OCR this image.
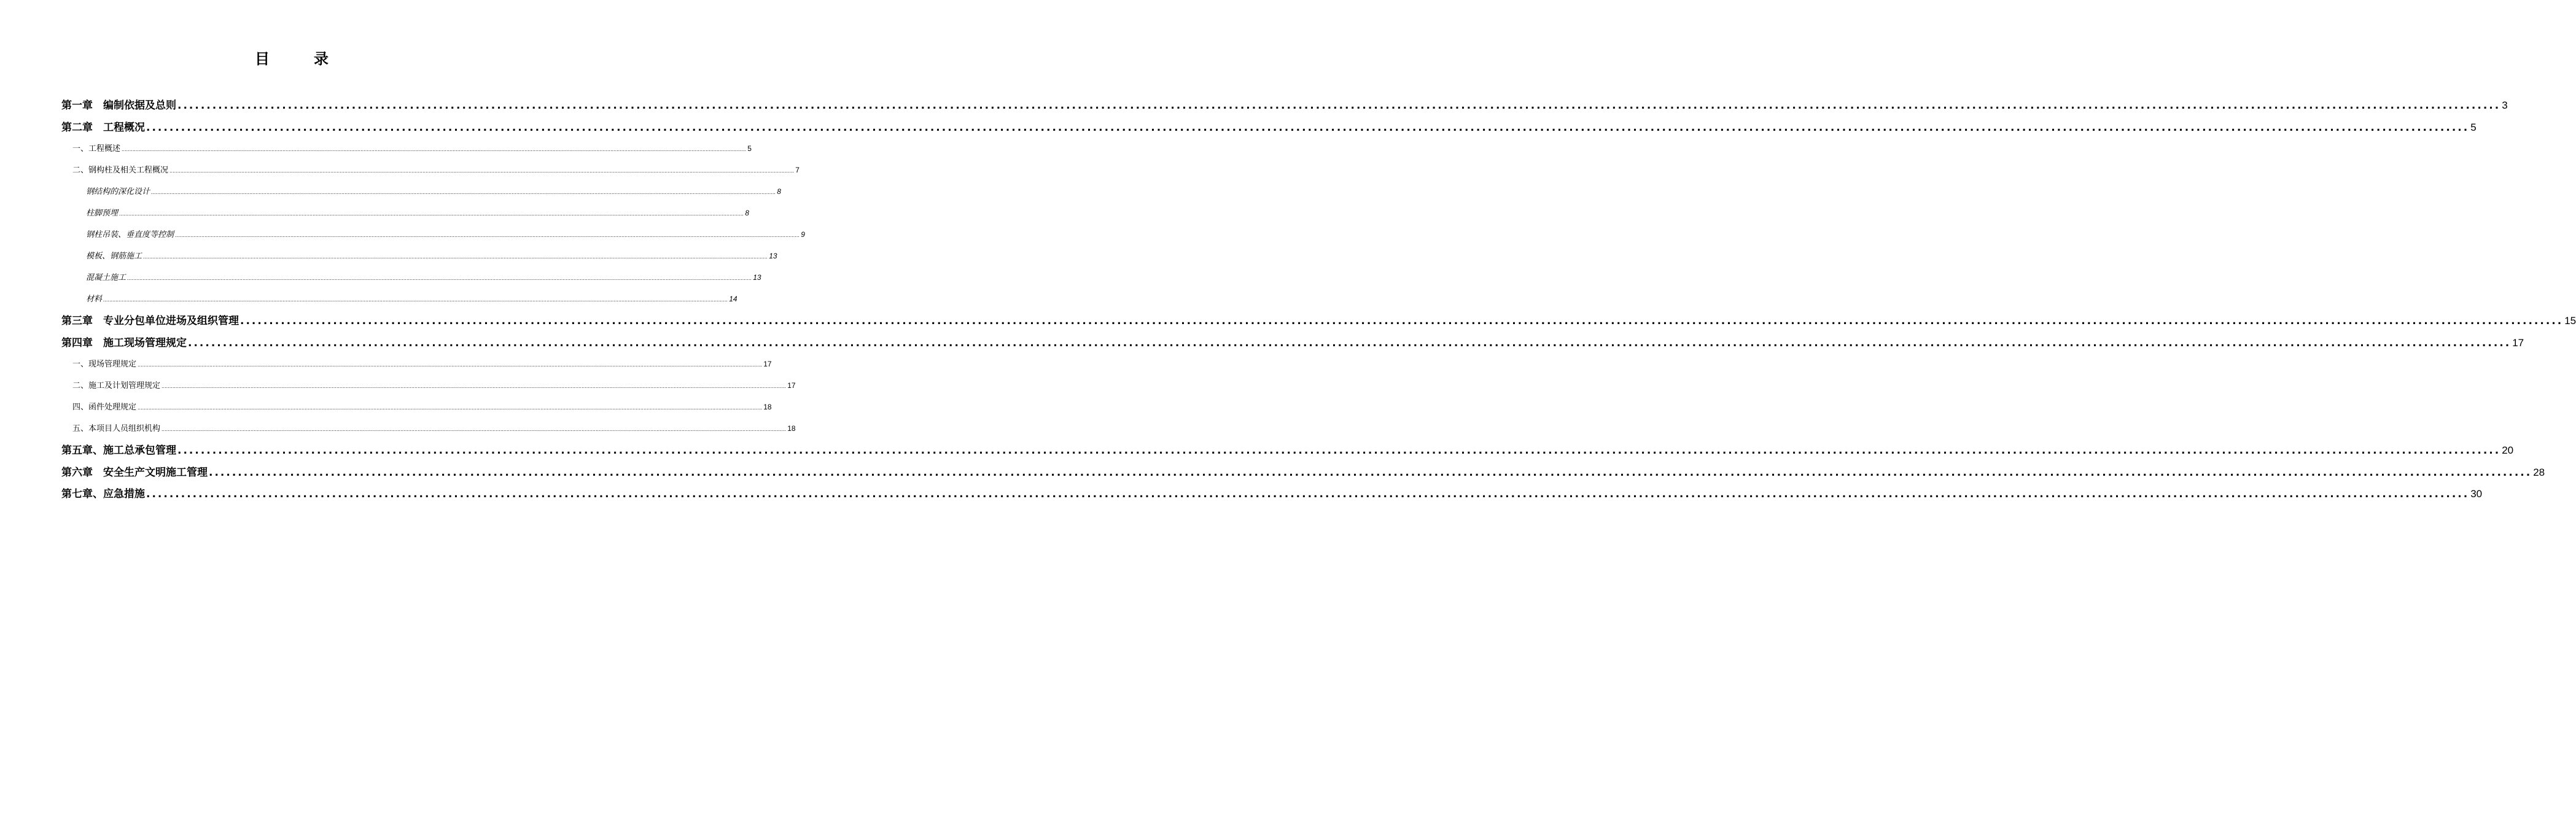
目　录
第一章　编制依据及总则 ................................................................................................................................................................................................................................................................................................................................................................................................................ 3
第二章　工程概况 ................................................................................................................................................................................................................................................................................................................................................................................................................ 5
一、工程概述 ................................................................................................................................................................................................................................................................................................................................................................................................................ 5
二、钢构柱及相关工程概况 ................................................................................................................................................................................................................................................................................................................................................................................................................ 7
钢结构的深化设计 ................................................................................................................................................................................................................................................................................................................................................................................................................ 8
柱脚预埋 ................................................................................................................................................................................................................................................................................................................................................................................................................ 8
钢柱吊装、垂直度等控制 ................................................................................................................................................................................................................................................................................................................................................................................................................ 9
模板、钢筋施工 ................................................................................................................................................................................................................................................................................................................................................................................................................ 13
混凝土施工 ................................................................................................................................................................................................................................................................................................................................................................................................................ 13
材料 ................................................................................................................................................................................................................................................................................................................................................................................................................ 14
第三章　专业分包单位进场及组织管理 ................................................................................................................................................................................................................................................................................................................................................................................................................ 15
第四章　施工现场管理规定 ................................................................................................................................................................................................................................................................................................................................................................................................................ 17
一、现场管理规定 ................................................................................................................................................................................................................................................................................................................................................................................................................ 17
二、施工及计划管理规定 ................................................................................................................................................................................................................................................................................................................................................................................................................ 17
四、函件处理规定 ................................................................................................................................................................................................................................................................................................................................................................................................................ 18
五、本项目人员组织机构 ................................................................................................................................................................................................................................................................................................................................................................................................................ 18
第五章、施工总承包管理 ................................................................................................................................................................................................................................................................................................................................................................................................................ 20
第六章　安全生产文明施工管理 ................................................................................................................................................................................................................................................................................................................................................................................................................ 28
第七章、应急措施 ................................................................................................................................................................................................................................................................................................................................................................................................................ 30
